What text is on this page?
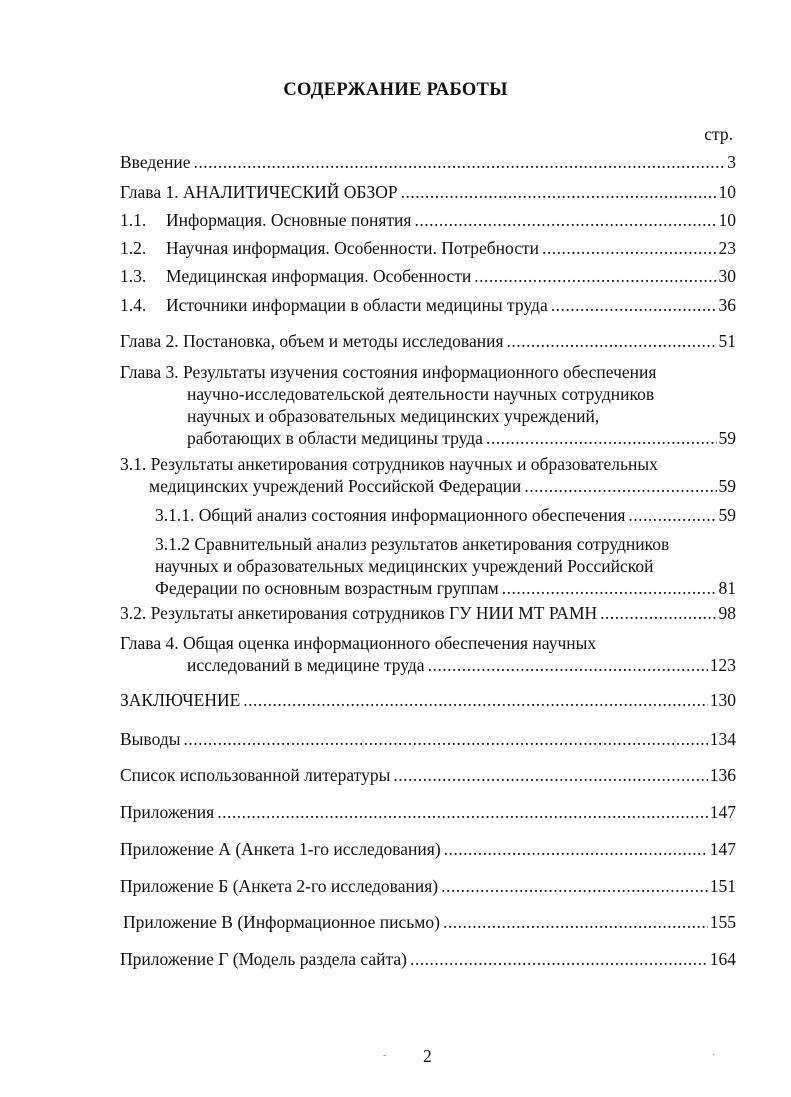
СОДЕРЖАНИЕ РАБОТЫ
стр.
Введение .....	3
Глава 1. АНАЛИТИЧЕСКИЙ ОБЗОР .....	10
1.1. Информация. Основные понятия .....	10
1.2. Научная информация. Особенности. Потребности .....	23
1.3. Медицинская информация. Особенности .....	30
1.4. Источники информации в области медицины труда .....	36
Глава 2. Постановка, объем и методы исследования .....	51
Глава 3. Результаты изучения состояния информационного обеспечения
научно-исследовательской деятельности научных сотрудников
научных и образовательных медицинских учреждений,
работающих в области медицины труда .....	59
3.1. Результаты анкетирования сотрудников научных и образовательных
медицинских учреждений Российской Федерации .....	59
3.1.1. Общий анализ состояния информационного обеспечения .....	59
3.1.2 Сравнительный анализ результатов анкетирования сотрудников
научных и образовательных медицинских учреждений Российской
Федерации по основным возрастным группам .....	81
3.2. Результаты анкетирования сотрудников ГУ НИИ МТ РАМН .....	98
Глава 4. Общая оценка информационного обеспечения научных
исследований в медицине труда .....	123
ЗАКЛЮЧЕНИЕ .....	130
Выводы .....	134
Список использованной литературы .....	136
Приложения .....	147
Приложение А (Анкета 1-го исследования) .....	147
Приложение Б (Анкета 2-го исследования) .....	151
Приложение В (Информационное письмо) .....	155
Приложение Г (Модель раздела сайта) .....	164
2
-	·
